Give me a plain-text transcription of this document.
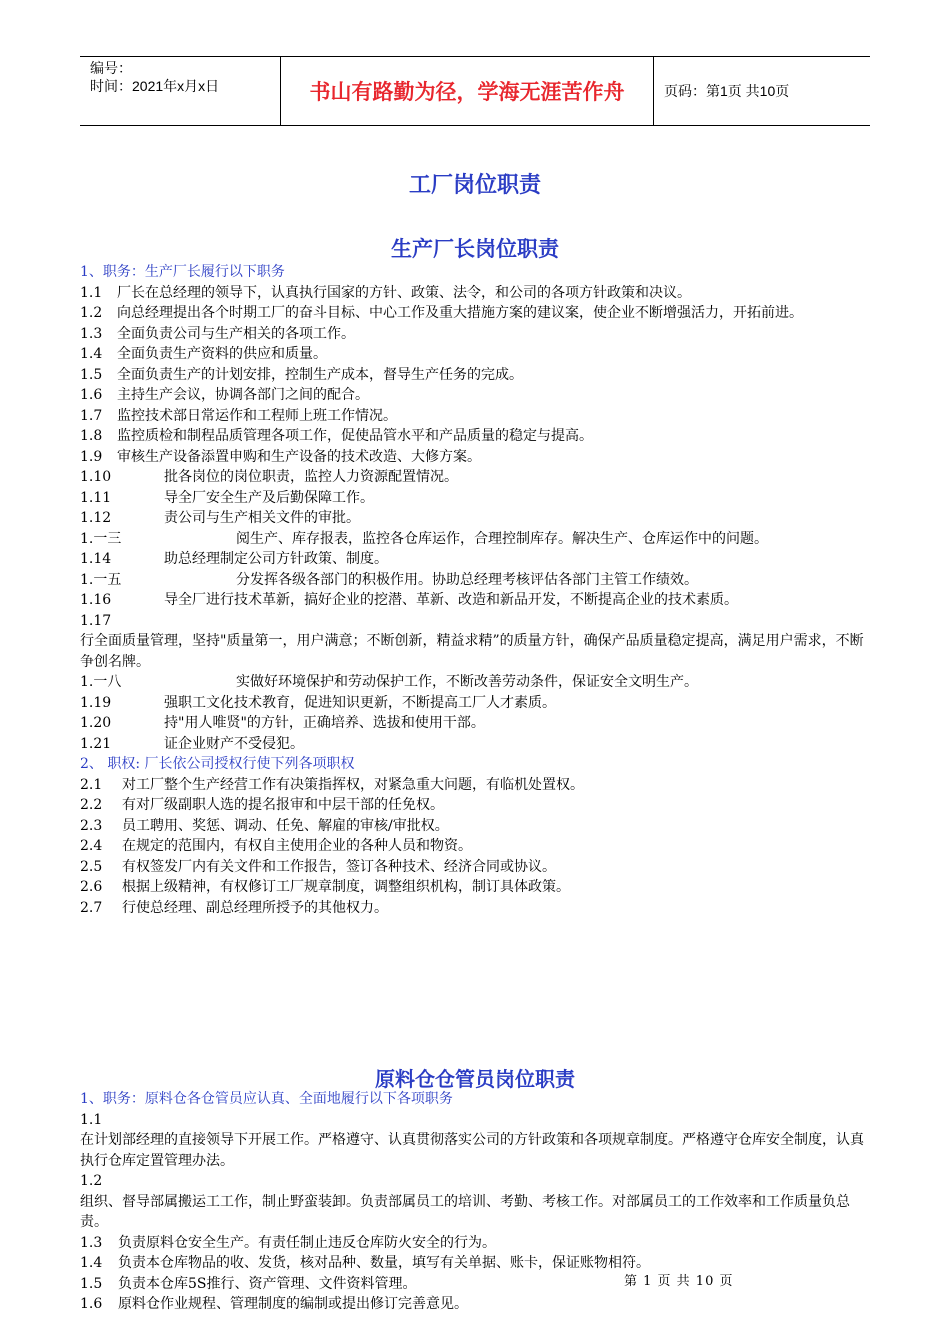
编号：
时间：2021年x月x日	书山有路勤为径，学海无涯苦作舟	页码：第1页 共10页
工厂岗位职责
生产厂长岗位职责
1、职务：生产厂长履行以下职务
1.1	厂长在总经理的领导下，认真执行国家的方针、政策、法令，和公司的各项方针政策和决议。
1.2 向总经理提出各个时期工厂的奋斗目标、中心工作及重大措施方案的建议案，使企业不断增强活力，开拓前进。
1.3	全面负责公司与生产相关的各项工作。
1.4	全面负责生产资料的供应和质量。
1.5	全面负责生产的计划安排，控制生产成本，督导生产任务的完成。
1.6	主持生产会议，协调各部门之间的配合。
1.7	监控技术部日常运作和工程师上班工作情况。
1.8	监控质检和制程品质管理各项工作，促使品管水平和产品质量的稳定与提高。
1.9	审核生产设备添置申购和生产设备的技术改造、大修方案。
1.10	批各岗位的岗位职责，监控人力资源配置情况。
1.11	导全厂安全生产及后勤保障工作。
1.12	责公司与生产相关文件的审批。
1.一三	阅生产、库存报表，监控各仓库运作，合理控制库存。解决生产、仓库运作中的问题。
1.14	助总经理制定公司方针政策、制度。
1.一五	分发挥各级各部门的积极作用。协助总经理考核评估各部门主管工作绩效。
1.16	导全厂进行技术革新，搞好企业的挖潜、革新、改造和新品开发，不断提高企业的技术素质。
1.17行全面质量管理，坚持"质量第一，用户满意；不断创新，精益求精”的质量方针，确保产品质量稳定提高，满足用户需求，不断争创名牌。
1.一八	实做好环境保护和劳动保护工作，不断改善劳动条件，保证安全文明生产。
1.19	强职工文化技术教育，促进知识更新，不断提高工厂人才素质。
1.20	持"用人唯贤"的方针，正确培养、选拔和使用干部。
1.21	证企业财产不受侵犯。
2、 职权: 厂长依公司授权行使下列各项职权
2.1	对工厂整个生产经营工作有决策指挥权，对紧急重大问题，有临机处置权。
2.2	有对厂级副职人选的提名报审和中层干部的任免权。
2.3	员工聘用、奖惩、调动、任免、解雇的审核/审批权。
2.4	在规定的范围内，有权自主使用企业的各种人员和物资。
2.5	有权签发厂内有关文件和工作报告，签订各种技术、经济合同或协议。
2.6	根据上级精神，有权修订工厂规章制度，调整组织机构，制订具体政策。
2.7	行使总经理、副总经理所授予的其他权力。
原料仓仓管员岗位职责
1、职务：原料仓各仓管员应认真、全面地履行以下各项职务
1.1在计划部经理的直接领导下开展工作。严格遵守、认真贯彻落实公司的方针政策和各项规章制度。严格遵守仓库安全制度，认真执行仓库定置管理办法。
1.2组织、督导部属搬运工工作，制止野蛮装卸。负责部属员工的培训、考勤、考核工作。对部属员工的工作效率和工作质量负总责。
1.3	负责原料仓安全生产。有责任制止违反仓库防火安全的行为。
1.4	负责本仓库物品的收、发货，核对品种、数量，填写有关单据、账卡，保证账物相符。
1.5	负责本仓库5S推行、资产管理、文件资料管理。
1.6	原料仓作业规程、管理制度的编制或提出修订完善意见。
第 1 页 共 10 页
